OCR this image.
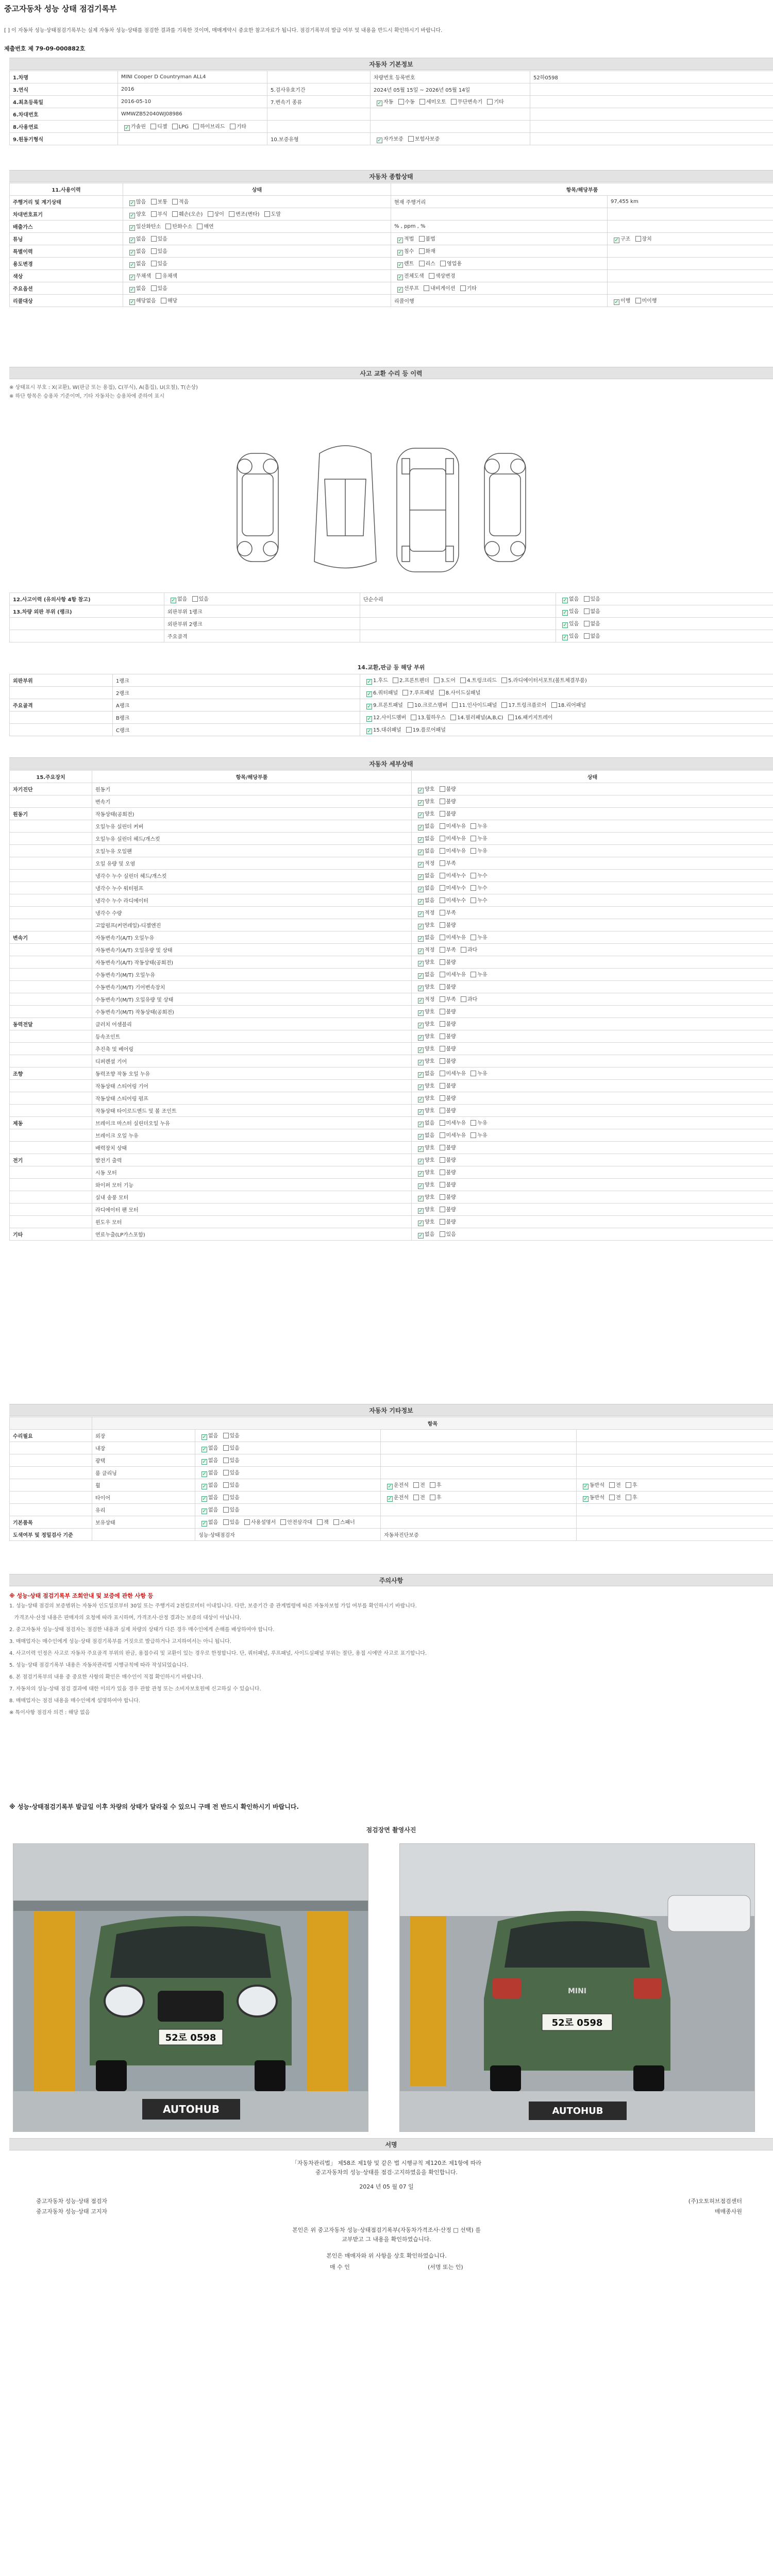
중고자동차 성능 상태 점검기록부
[ ] 이 자동차 성능·상태점검기록부는 실제 자동차 성능·상태를 점검한 결과를 기록한 것이며, 매매계약시 중요한 참고자료가 됩니다. 점검기록부의 발급 여부 및 내용을 반드시 확인하시기 바랍니다.
제출번호 제 79-09-000882호
자동차 기본정보
1.차명	MINI Cooper D Countryman ALL4		차량번호 등록번호	52하0598
3.연식	2016	5.검사유효기간	2024년 05월 15일 ~ 2026년 05월 14일	
4.최초등록일	2016-05-10	7.변속기 종류	✓ 자동 수동 세미오토 무단변속기 기타	
6.차대번호	WMWZB52040WJ08986			
8.사용연료	✓ 가솔린 디젤 LPG 하이브리드 기타			
9.원동기형식		10.보증유형	✓ 자가보증 보험사보증	
자동차 종합상태
11.사용이력	상태	항목/해당부품	
주행거리 및 계기상태	✓ 많음 보통 적음	현재 주행거리	97,455 km
차대번호표기	✓ 양호 부식 훼손(오손) 상이 변조(변타) 도말		
배출가스	✓ 일산화탄소 탄화수소 매연	% , ppm , %	
튜닝	✓ 없음 있음	✓ 적법 불법	✓ 구조 장치
특별이력	✓ 없음 있음	✓ 침수 화재	
용도변경	✓ 없음 있음	✓ 렌트 리스 영업용	
색상	✓ 무채색 유채색	✓ 전체도색 색상변경	
주요옵션	✓ 없음 있음	✓ 선루프 내비게이션 기타	
리콜대상	✓ 해당없음 해당	리콜이행	✓ 이행 미이행
사고 교환 수리 등 이력
※ 상태표시 부호 : X(교환), W(판금 또는 용접), C(부식), A(흠집), U(요철), T(손상)
※ 하단 항목은 승용차 기준이며, 기타 자동차는 승용차에 준하여 표시
12.사고이력 (유의사항 4항 참고)	✓ 없음 있음	단순수리	✓ 없음 있음
13.차량 외판 부위 (랭크)	외판부위 1랭크		✓ 있음 없음
	외판부위 2랭크		✓ 있음 없음
	주요골격		✓ 있음 없음
14.교환,판금 등 해당 부위
외판부위	1랭크	✓ 1.후드 2.프론트펜더 3.도어 4.트렁크리드 5.라디에이터서포트(볼트체결부품)
	2랭크	✓ 6.쿼터패널 7.루프패널 8.사이드실패널
주요골격	A랭크	✓ 9.프론트패널 10.크로스멤버 11.인사이드패널 17.트렁크플로어 18.리어패널
	B랭크	✓ 12.사이드멤버 13.휠하우스 14.필러패널(A,B,C) 16.패키지트레이
	C랭크	✓ 15.대쉬패널 19.플로어패널
자동차 세부상태
15.주요장치	항목/해당부품	상태
자기진단	원동기	✓ 양호 불량
	변속기	✓ 양호 불량
원동기	작동상태(공회전)	✓ 양호 불량
	오일누유 실린더 커버	✓ 없음 미세누유 누유
	오일누유 실린더 헤드/개스킷	✓ 없음 미세누유 누유
	오일누유 오일팬	✓ 없음 미세누유 누유
	오일 유량 및 오염	✓ 적정 부족
	냉각수 누수 실린더 헤드/개스킷	✓ 없음 미세누수 누수
	냉각수 누수 워터펌프	✓ 없음 미세누수 누수
	냉각수 누수 라디에이터	✓ 없음 미세누수 누수
	냉각수 수량	✓ 적정 부족
	고압펌프(커먼레일)-디젤엔진	✓ 양호 불량
변속기	자동변속기(A/T) 오일누유	✓ 없음 미세누유 누유
	자동변속기(A/T) 오일유량 및 상태	✓ 적정 부족 과다
	자동변속기(A/T) 작동상태(공회전)	✓ 양호 불량
	수동변속기(M/T) 오일누유	✓ 없음 미세누유 누유
	수동변속기(M/T) 기어변속장치	✓ 양호 불량
	수동변속기(M/T) 오일유량 및 상태	✓ 적정 부족 과다
	수동변속기(M/T) 작동상태(공회전)	✓ 양호 불량
동력전달	클러치 어셈블리	✓ 양호 불량
	등속조인트	✓ 양호 불량
	추진축 및 베어링	✓ 양호 불량
	디퍼렌셜 기어	✓ 양호 불량
조향	동력조향 작동 오일 누유	✓ 없음 미세누유 누유
	작동상태 스티어링 기어	✓ 양호 불량
	작동상태 스티어링 펌프	✓ 양호 불량
	작동상태 타이로드엔드 및 볼 조인트	✓ 양호 불량
제동	브레이크 마스터 실린더오일 누유	✓ 없음 미세누유 누유
	브레이크 오일 누유	✓ 없음 미세누유 누유
	배력장치 상태	✓ 양호 불량
전기	발전기 출력	✓ 양호 불량
	시동 모터	✓ 양호 불량
	와이퍼 모터 기능	✓ 양호 불량
	실내 송풍 모터	✓ 양호 불량
	라디에이터 팬 모터	✓ 양호 불량
	윈도우 모터	✓ 양호 불량
기타	연료누출(LP가스포함)	✓ 없음 있음
자동차 기타정보
	항목			
수리필요	외장	✓ 없음 있음		
	내장	✓ 없음 있음		
	광택	✓ 없음 있음		
	룸 클리닝	✓ 없음 있음		
	휠	✓ 없음 있음	✓ 운전석 전 후	✓ 동반석 전 후
	타이어	✓ 없음 있음	✓ 운전석 전 후	✓ 동반석 전 후
	유리	✓ 없음 있음		
기본품목	보유상태	✓ 없음 있음 사용설명서 안전삼각대 잭 스패너		
도색여부 및 정밀검사 기준		성능·상태점검자	자동차진단보증	
주의사항
※ 성능·상태 점검기록부 조회안내 및 보증에 관한 사항 등
1. 성능·상태 점검의 보증범위는 자동차 인도일로부터 30일 또는 주행거리 2천킬로미터 이내입니다. 다만, 보증기간 중 관계법령에 따른 자동차보험 가입 여부를 확인하시기 바랍니다.
가격조사·산정 내용은 판매자의 요청에 따라 표시하며, 가격조사·산정 결과는 보증의 대상이 아닙니다.
2. 중고자동차 성능·상태 점검자는 점검한 내용과 실제 차량의 상태가 다른 경우 매수인에게 손해를 배상하여야 합니다.
3. 매매업자는 매수인에게 성능·상태 점검기록부를 거짓으로 발급하거나 고지하여서는 아니 됩니다.
4. 사고이력 인정은 사고로 자동차 주요골격 부위의 판금, 용접수리 및 교환이 있는 경우로 한정합니다. 단, 쿼터패널, 루프패널, 사이드실패널 부위는 절단, 용접 시에만 사고로 표기합니다.
5. 성능·상태 점검기록부 내용은 자동차관리법 시행규칙에 따라 작성되었습니다.
6. 본 점검기록부의 내용 중 중요한 사항의 확인은 매수인이 직접 확인하시기 바랍니다.
7. 자동차의 성능·상태 점검 결과에 대한 이의가 있을 경우 관할 관청 또는 소비자보호원에 신고하실 수 있습니다.
8. 매매업자는 점검 내용을 매수인에게 설명하여야 합니다.
※ 특이사항 점검자 의견 : 해당 없음
※ 성능·상태점검기록부 발급일 이후 차량의 상태가 달라질 수 있으니 구매 전 반드시 확인하시기 바랍니다.
점검장면 촬영사진
52로 0598
AUTOHUB
MINI
52로 0598
AUTOHUB
서명
「자동차관리법」 제58조 제1항 및 같은 법 시행규칙 제120조 제1항에 따라
중고자동차의 성능·상태를 점검·고지하였음을 확인합니다.
2024 년 05 월 07 일
중고자동차 성능·상태 점검자
중고자동차 성능·상태 고지자
(주)오토허브점검센터
매매종사원
본인은 위 중고자동차 성능·상태점검기록부(자동차가격조사·산정 □ 선택) 를
교부받고 그 내용을 확인하였습니다.
본인은 매매자와 위 사항을 상호 확인하였습니다.
매 수 인	(서명 또는 인)
